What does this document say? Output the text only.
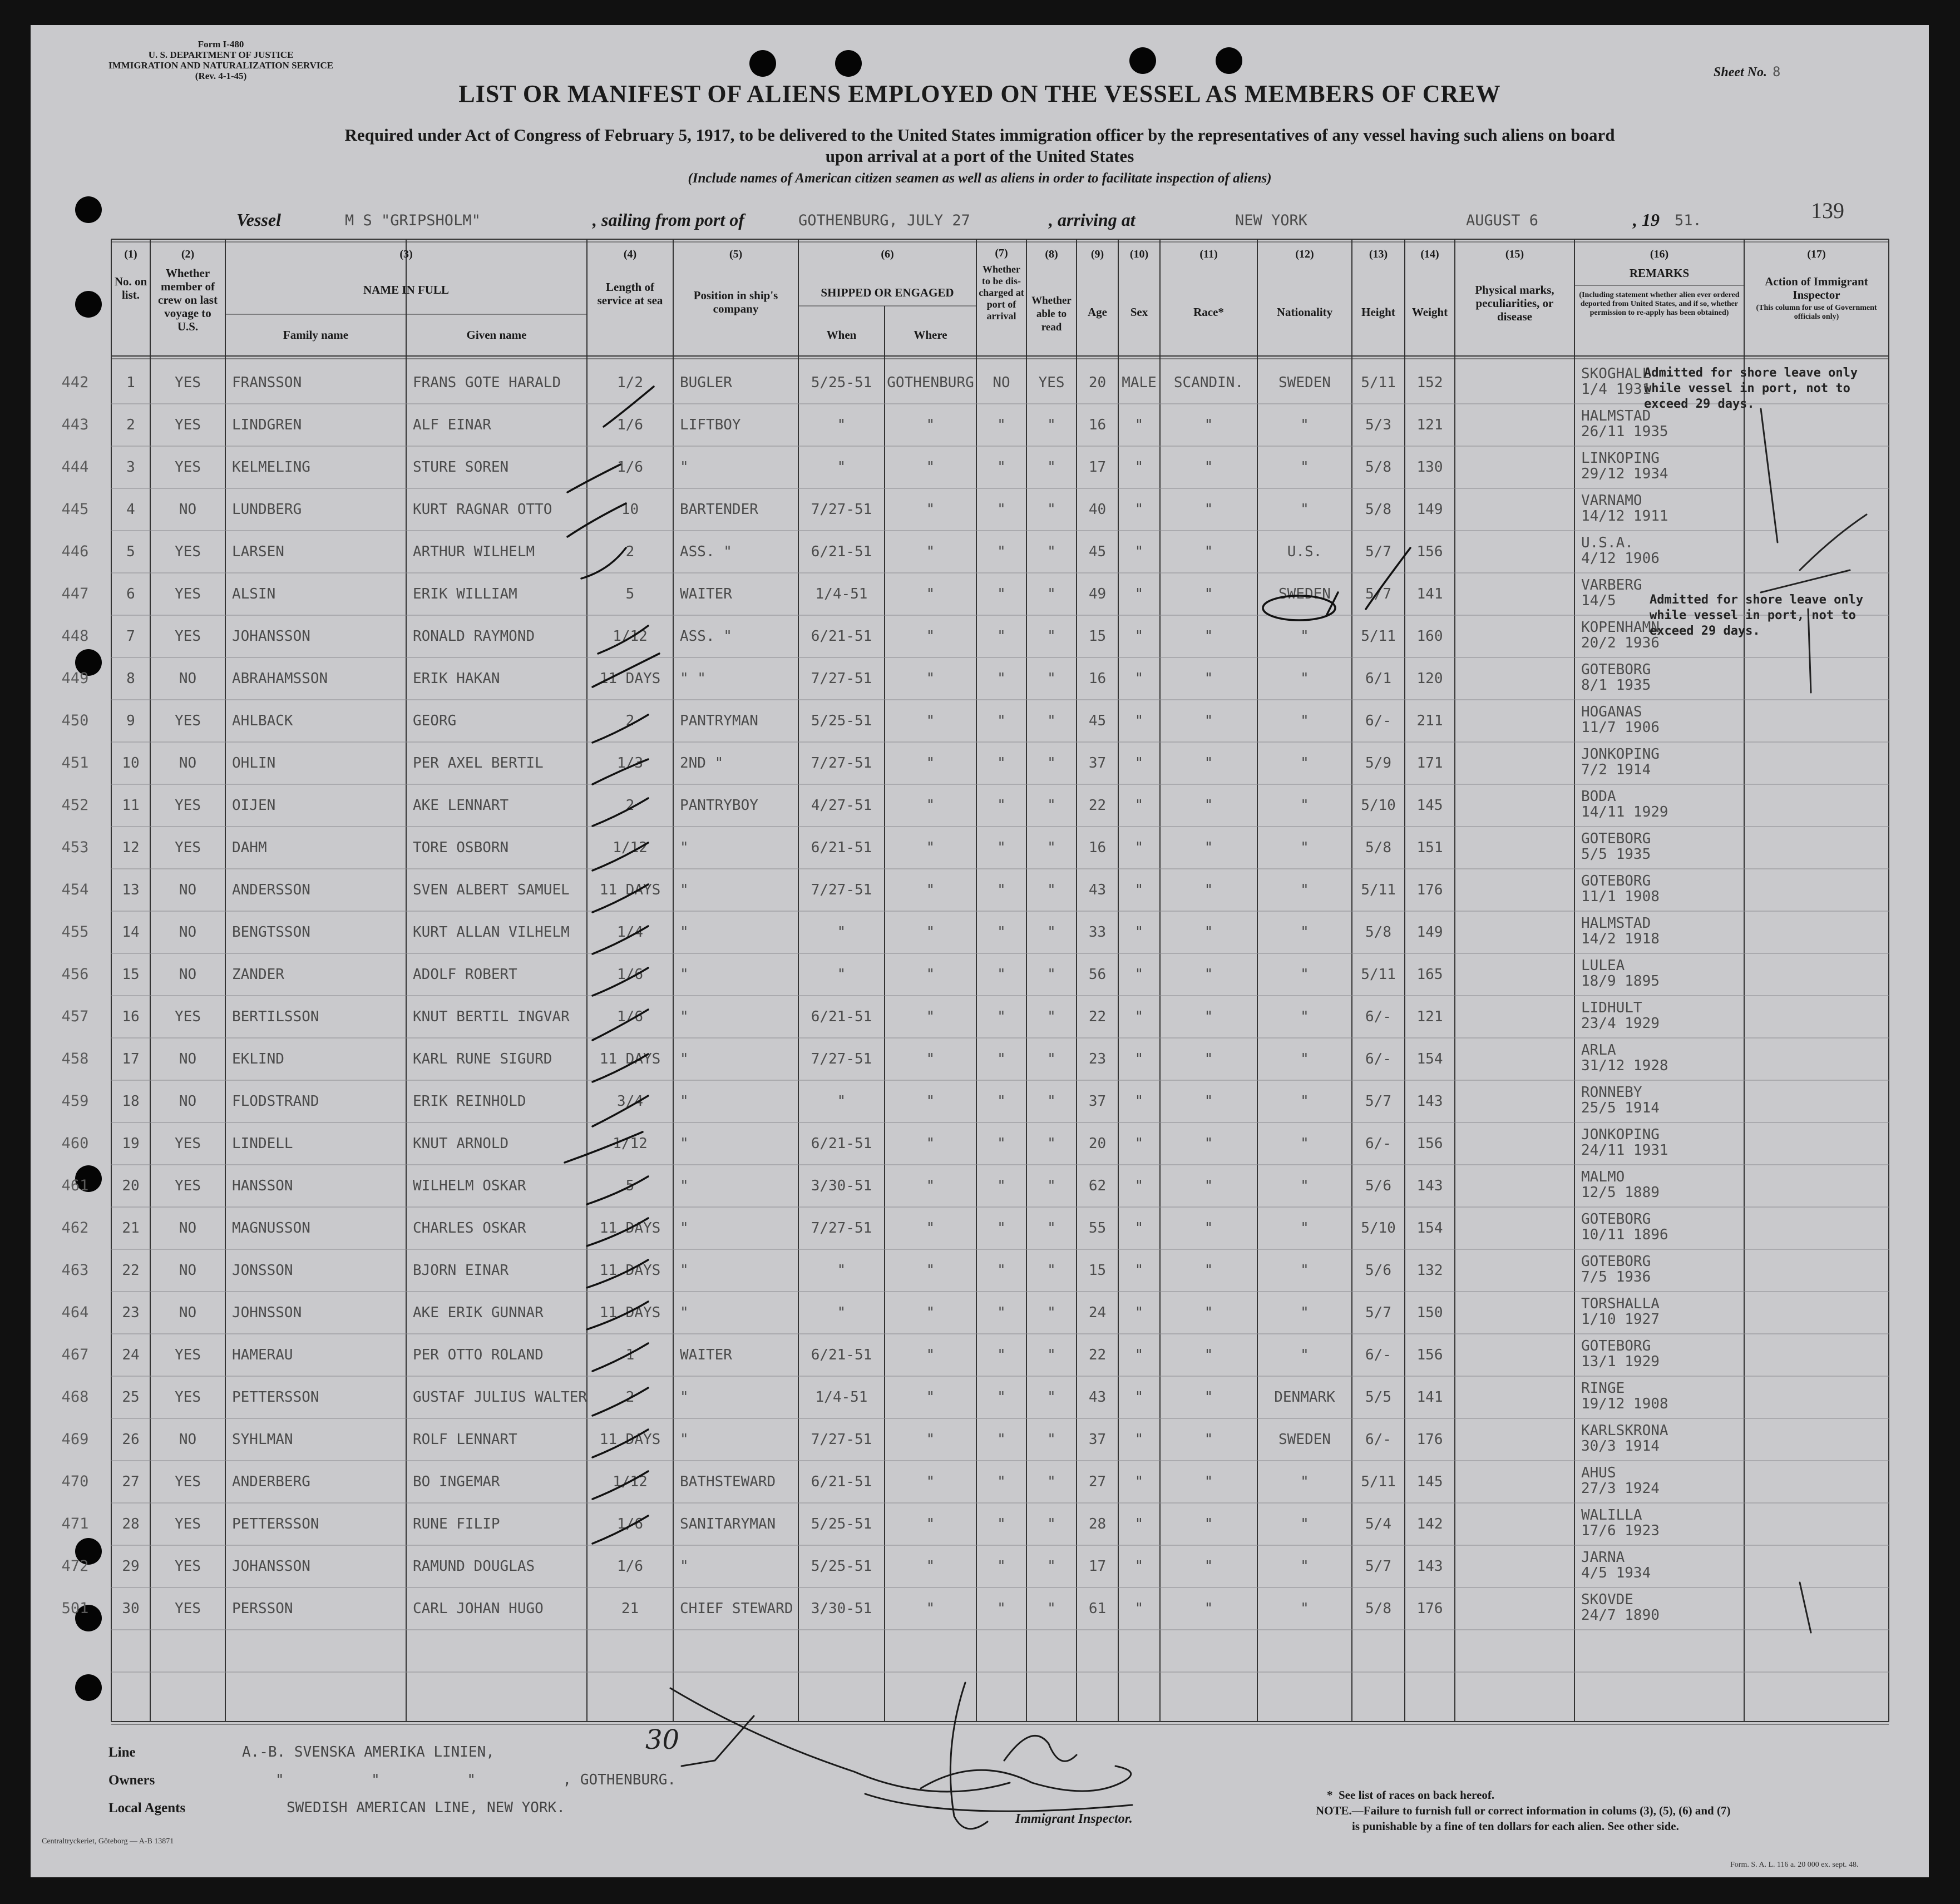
Form I-480
U. S. DEPARTMENT OF JUSTICE
IMMIGRATION AND NATURALIZATION SERVICE
(Rev. 4-1-45)	Sheet No. 8
LIST OR MANIFEST OF ALIENS EMPLOYED ON THE VESSEL AS MEMBERS OF CREW
Required under Act of Congress of February 5, 1917, to be delivered to the United States immigration officer by the representatives of any vessel having such aliens on board
upon arrival at a port of the United States
(Include names of American citizen seamen as well as aliens in order to facilitate inspection of aliens)
Vessel	M S "GRIPSHOLM"	, sailing from port of	GOTHENBURG, JULY 27	, arriving at	NEW YORK	AUGUST 6	, 19 51.	139
(1)
No. on list.
(2)
Whether member of crew on last voyage to U.S.
(3)
NAME IN FULL
Family name	Given name
(4)
Length of service at sea
(5)
Position in ship's company
(6)
SHIPPED OR ENGAGED
When	Where
(7)
Whether to be dis-charged at port of arrival
(8)
Whether able to read
(9)
Age
(10)
Sex
(11)
Race*
(12)
Nationality
(13)
Height
(14)
Weight
(15)
Physical marks, peculiarities, or disease
(16)
REMARKS
(Including statement whether alien ever ordered deported from United States, and if so, whether permission to re-apply has been obtained)
(17)
Action of Immigrant Inspector
(This column for use of Government officials only)
442	1	YES	FRANSSON	FRANS GOTE HARALD	1/2	BUGLER	5/25-51	GOTHENBURG	NO	YES	20	MALE	SCANDIN.	SWEDEN	5/11	152
SKOGHALL
1/4 1931
443	2	YES	LINDGREN	ALF EINAR	1/6	LIFTBOY	"	"	"	"	16	"	"	"	5/3	121
HALMSTAD
26/11 1935
444	3	YES	KELMELING	STURE SOREN	1/6	"	"	"	"	"	17	"	"	"	5/8	130
LINKOPING
29/12 1934
445	4	NO	LUNDBERG	KURT RAGNAR OTTO	10	BARTENDER	7/27-51	"	"	"	40	"	"	"	5/8	149
VARNAMO
14/12 1911
446	5	YES	LARSEN	ARTHUR WILHELM	2	ASS. "	6/21-51	"	"	"	45	"	"	U.S.	5/7	156
U.S.A.
4/12 1906
447	6	YES	ALSIN	ERIK WILLIAM	5	WAITER	1/4-51	"	"	"	49	"	"	SWEDEN	5/7	141
VARBERG
14/5
448	7	YES	JOHANSSON	RONALD RAYMOND	1/12	ASS. "	6/21-51	"	"	"	15	"	"	"	5/11	160
KOPENHAMN
20/2 1936
449	8	NO	ABRAHAMSSON	ERIK HAKAN	11 DAYS	" "	7/27-51	"	"	"	16	"	"	"	6/1	120
GOTEBORG
8/1 1935
450	9	YES	AHLBACK	GEORG	2	PANTRYMAN	5/25-51	"	"	"	45	"	"	"	6/-	211
HOGANAS
11/7 1906
451	10	NO	OHLIN	PER AXEL BERTIL	1/3	2ND "	7/27-51	"	"	"	37	"	"	"	5/9	171
JONKOPING
7/2 1914
452	11	YES	OIJEN	AKE LENNART	2	PANTRYBOY	4/27-51	"	"	"	22	"	"	"	5/10	145
BODA
14/11 1929
453	12	YES	DAHM	TORE OSBORN	1/12	"	6/21-51	"	"	"	16	"	"	"	5/8	151
GOTEBORG
5/5 1935
454	13	NO	ANDERSSON	SVEN ALBERT SAMUEL	11 DAYS	"	7/27-51	"	"	"	43	"	"	"	5/11	176
GOTEBORG
11/1 1908
455	14	NO	BENGTSSON	KURT ALLAN VILHELM	1/4	"	"	"	"	"	33	"	"	"	5/8	149
HALMSTAD
14/2 1918
456	15	NO	ZANDER	ADOLF ROBERT	1/6	"	"	"	"	"	56	"	"	"	5/11	165
LULEA
18/9 1895
457	16	YES	BERTILSSON	KNUT BERTIL INGVAR	1/6	"	6/21-51	"	"	"	22	"	"	"	6/-	121
LIDHULT
23/4 1929
458	17	NO	EKLIND	KARL RUNE SIGURD	11 DAYS	"	7/27-51	"	"	"	23	"	"	"	6/-	154
ARLA
31/12 1928
459	18	NO	FLODSTRAND	ERIK REINHOLD	3/4	"	"	"	"	"	37	"	"	"	5/7	143
RONNEBY
25/5 1914
460	19	YES	LINDELL	KNUT ARNOLD	1/12	"	6/21-51	"	"	"	20	"	"	"	6/-	156
JONKOPING
24/11 1931
461	20	YES	HANSSON	WILHELM OSKAR	5	"	3/30-51	"	"	"	62	"	"	"	5/6	143
MALMO
12/5 1889
462	21	NO	MAGNUSSON	CHARLES OSKAR	11 DAYS	"	7/27-51	"	"	"	55	"	"	"	5/10	154
GOTEBORG
10/11 1896
463	22	NO	JONSSON	BJORN EINAR	11 DAYS	"	"	"	"	"	15	"	"	"	5/6	132
GOTEBORG
7/5 1936
464	23	NO	JOHNSSON	AKE ERIK GUNNAR	11 DAYS	"	"	"	"	"	24	"	"	"	5/7	150
TORSHALLA
1/10 1927
467	24	YES	HAMERAU	PER OTTO ROLAND	1	WAITER	6/21-51	"	"	"	22	"	"	"	6/-	156
GOTEBORG
13/1 1929
468	25	YES	PETTERSSON	GUSTAF JULIUS WALTER	2	"	1/4-51	"	"	"	43	"	"	DENMARK	5/5	141
RINGE
19/12 1908
469	26	NO	SYHLMAN	ROLF LENNART	11 DAYS	"	7/27-51	"	"	"	37	"	"	SWEDEN	6/-	176
KARLSKRONA
30/3 1914
470	27	YES	ANDERBERG	BO INGEMAR	1/12	BATHSTEWARD	6/21-51	"	"	"	27	"	"	"	5/11	145
AHUS
27/3 1924
471	28	YES	PETTERSSON	RUNE FILIP	1/6	SANITARYMAN	5/25-51	"	"	"	28	"	"	"	5/4	142
WALILLA
17/6 1923
472	29	YES	JOHANSSON	RAMUND DOUGLAS	1/6	"	5/25-51	"	"	"	17	"	"	"	5/7	143
JARNA
4/5 1934
501	30	YES	PERSSON	CARL JOHAN HUGO	21	CHIEF STEWARD	3/30-51	"	"	"	61	"	"	"	5/8	176
SKOVDE
24/7 1890
Admitted for shore leave only while vessel in port, not to exceed 29 days.
Admitted for shore leave only while vessel in port, not to exceed 29 days.
Line	A.-B. SVENSKA AMERIKA LINIEN,
Owners	"          "          "          , GOTHENBURG.
Local Agents	SWEDISH AMERICAN LINE, NEW YORK.
30
Immigrant Inspector.
*  See list of races on back hereof.
NOTE.—Failure to furnish full or correct information in colums (3), (5), (6) and (7)
is punishable by a fine of ten dollars for each alien. See other side.
Centraltryckeriet, Göteborg — A-B 13871
Form. S. A. L. 116 a. 20 000 ex. sept. 48.
